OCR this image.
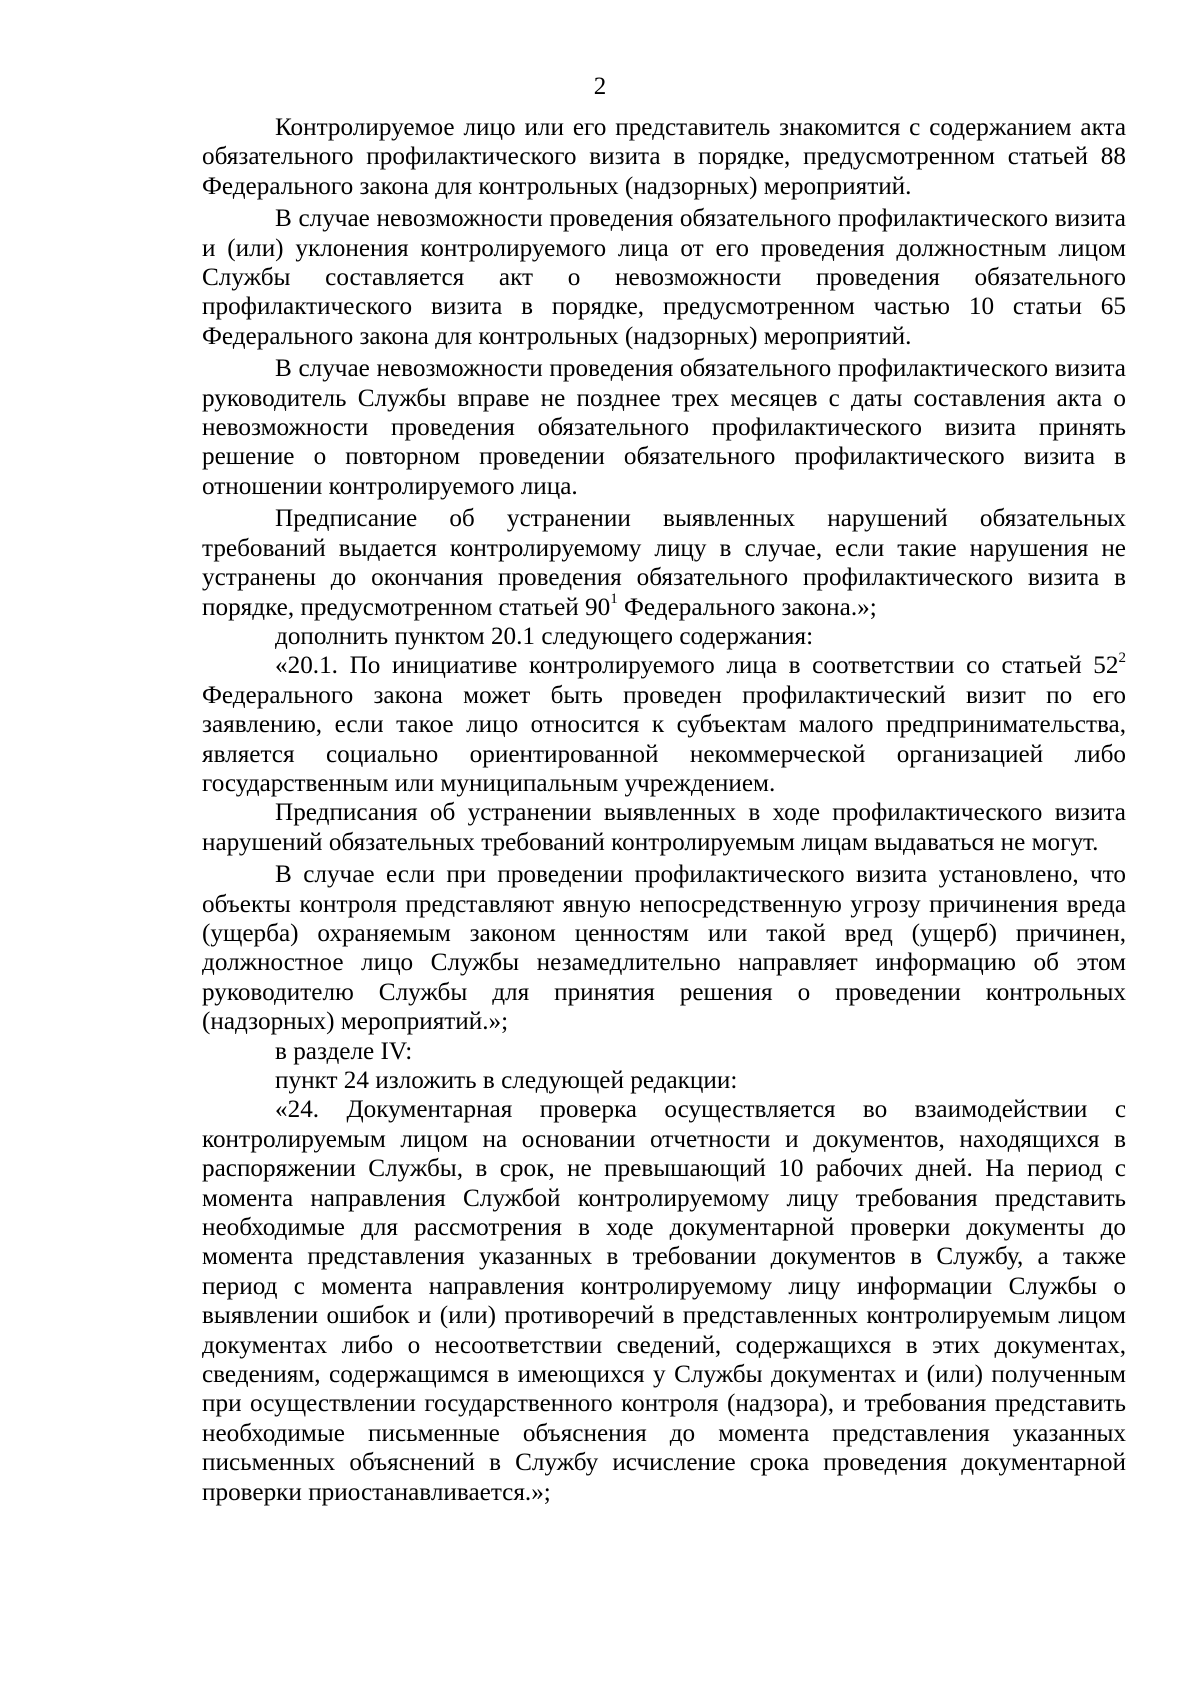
2

Контролируемое лицо или его представитель знакомится с содержанием акта обязательного профилактического визита в порядке, предусмотренном статьей 88 Федерального закона для контрольных (надзорных) мероприятий.

В случае невозможности проведения обязательного профилактического визита и (или) уклонения контролируемого лица от его проведения должностным лицом Службы составляется акт о невозможности проведения обязательного профилактического визита в порядке, предусмотренном частью 10 статьи 65 Федерального закона для контрольных (надзорных) мероприятий.

В случае невозможности проведения обязательного профилактического визита руководитель Службы вправе не позднее трех месяцев с даты составления акта о невозможности проведения обязательного профилактического визита принять решение о повторном проведении обязательного профилактического визита в отношении контролируемого лица.

Предписание об устранении выявленных нарушений обязательных требований выдается контролируемому лицу в случае, если такие нарушения не устранены до окончания проведения обязательного профилактического визита в порядке, предусмотренном статьей $90^1$ Федерального закона.»;

дополнить пунктом 20.1 следующего содержания:

«20.1. По инициативе контролируемого лица в соответствии со статьей $52^2$ Федерального закона может быть проведен профилактический визит по его заявлению, если такое лицо относится к субъектам малого предпринимательства, является социально ориентированной некоммерческой организацией либо государственным или муниципальным учреждением.

Предписания об устранении выявленных в ходе профилактического визита нарушений обязательных требований контролируемым лицам выдаваться не могут.

В случае если при проведении профилактического визита установлено, что объекты контроля представляют явную непосредственную угрозу причинения вреда (ущерба) охраняемым законом ценностям или такой вред (ущерб) причинен, должностное лицо Службы незамедлительно направляет информацию об этом руководителю Службы для принятия решения о проведении контрольных (надзорных) мероприятий.»;

в разделе IV:

пункт 24 изложить в следующей редакции:

«24. Документарная проверка осуществляется во взаимодействии с контролируемым лицом на основании отчетности и документов, находящихся в распоряжении Службы, в срок, не превышающий 10 рабочих дней. На период с момента направления Службой контролируемому лицу требования представить необходимые для рассмотрения в ходе документарной проверки документы до момента представления указанных в требовании документов в Службу, а также период с момента направления контролируемому лицу информации Службы о выявлении ошибок и (или) противоречий в представленных контролируемым лицом документах либо о несоответствии сведений, содержащихся в этих документах, сведениям, содержащимся в имеющихся у Службы документах и (или) полученным при осуществлении государственного контроля (надзора), и требования представить необходимые письменные объяснения до момента представления указанных письменных объяснений в Службу исчисление срока проведения документарной проверки приостанавливается.»;
